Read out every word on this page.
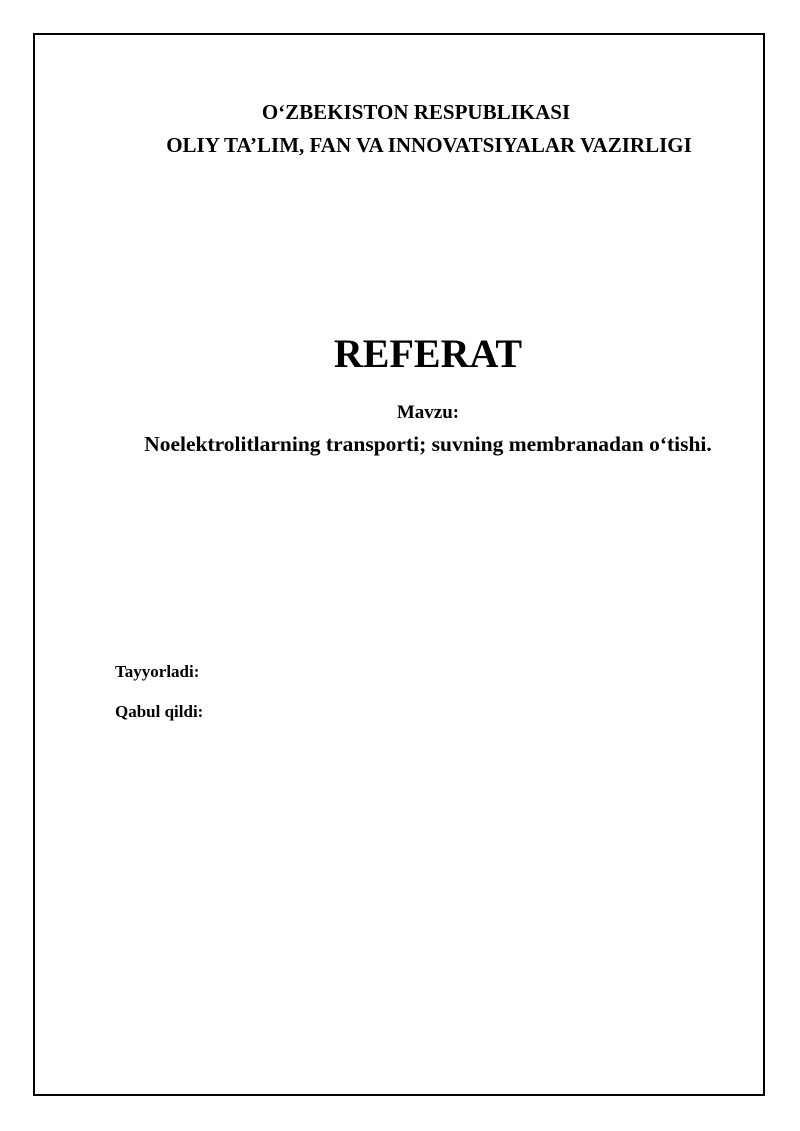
O‘ZBEKISTON RESPUBLIKASI
OLIY TA’LIM, FAN VA INNOVATSIYALAR VAZIRLIGI
REFERAT
Mavzu:
Noelektrolitlarning transporti; suvning membranadan o‘tishi.
Tayyorladi:
Qabul qildi:
